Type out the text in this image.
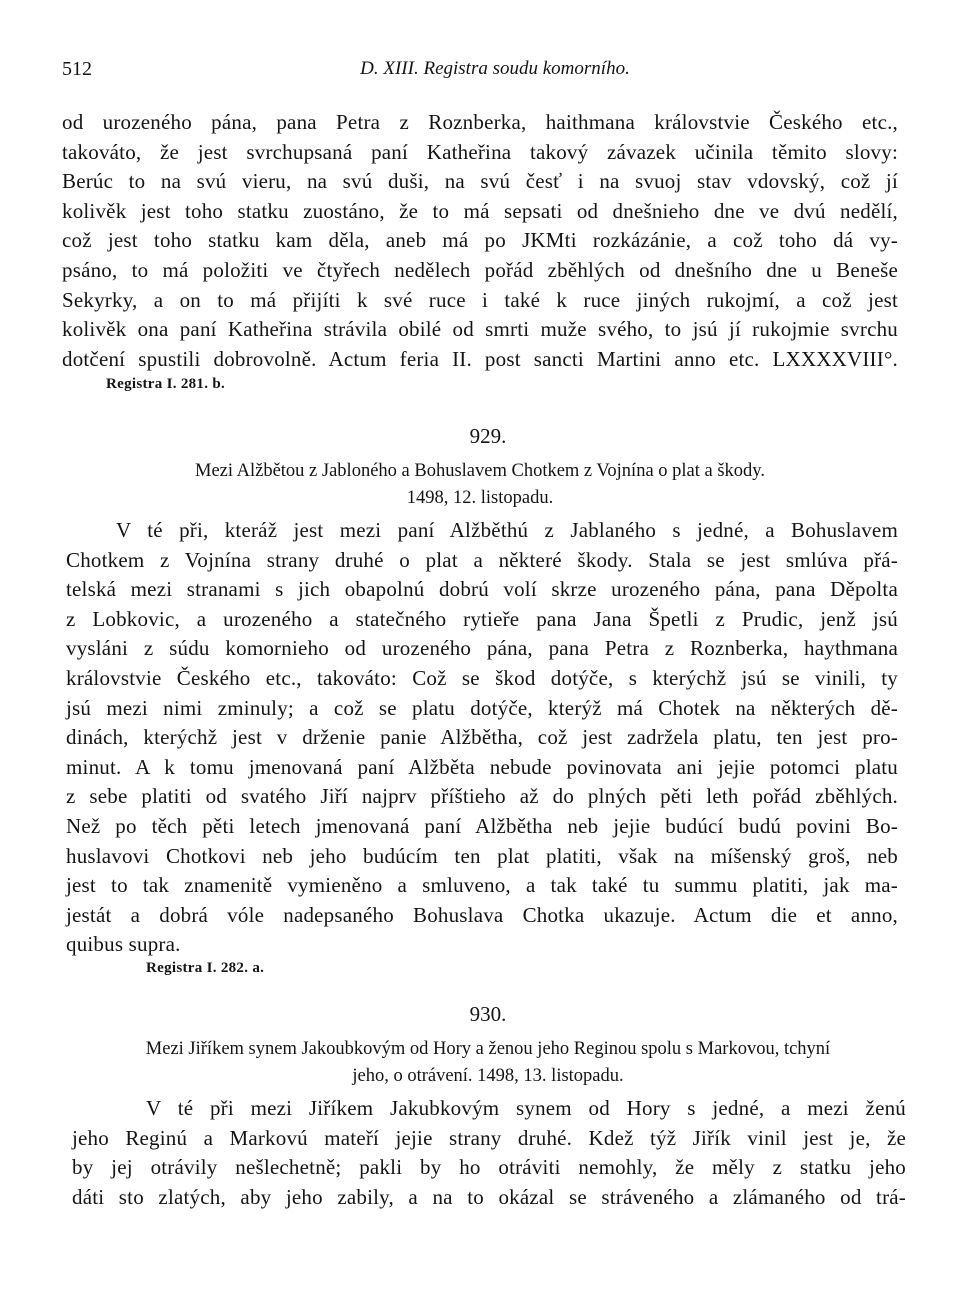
512	D. XIII. Registra soudu komorního.

od urozeného pána, pana Petra z Roznberka, haithmana královstvie Českého etc.,
takováto, že jest svrchupsaná paní Katheřina takový závazek učinila těmito slovy:
Berúc to na svú vieru, na svú duši, na svú česť i na svuoj stav vdovský, což jí
kolivěk jest toho statku zuostáno, že to má sepsati od dnešnieho dne ve dvú nedělí,
což jest toho statku kam děla, aneb má po JKMti rozkázánie, a což toho dá vy-
psáno, to má položiti ve čtyřech nedělech pořád zběhlých od dnešního dne u Beneše
Sekyrky, a on to má přijíti k své ruce i také k ruce jiných rukojmí, a což jest
kolivěk ona paní Katheřina strávila obilé od smrti muže svého, to jsú jí rukojmie svrchu
dotčení spustili dobrovolně. Actum feria II. post sancti Martini anno etc. LXXXXVIII°.

Registra I. 281. b.
929.
Mezi Alžbětou z Jabloného a Bohuslavem Chotkem z Vojnína o plat a škody.
1498, 12. listopadu.

V té při, kteráž jest mezi paní Alžběthú z Jablaného s jedné, a Bohuslavem
Chotkem z Vojnína strany druhé o plat a některé škody. Stala se jest smlúva přá-
telská mezi stranami s jich obapolnú dobrú volí skrze urozeného pána, pana Děpolta
z Lobkovic, a urozeného a statečného rytieře pana Jana Špetli z Prudic, jenž jsú
vysláni z súdu komornieho od urozeného pána, pana Petra z Roznberka, haythmana
královstvie Českého etc., takováto: Což se škod dotýče, s kterýchž jsú se vinili, ty
jsú mezi nimi zminuly; a což se platu dotýče, kterýž má Chotek na některých dě-
dinách, kterýchž jest v drženie panie Alžbětha, což jest zadržela platu, ten jest pro-
minut. A k tomu jmenovaná paní Alžběta nebude povinovata ani jejie potomci platu
z sebe platiti od svatého Jiří najprv příštieho až do plných pěti leth pořád zběhlých.
Než po těch pěti letech jmenovaná paní Alžbětha neb jejie budúcí budú povini Bo-
huslavovi Chotkovi neb jeho budúcím ten plat platiti, však na míšenský groš, neb
jest to tak znamenitě vymieněno a smluveno, a tak také tu summu platiti, jak ma-
jestát a dobrá vóle nadepsaného Bohuslava Chotka ukazuje. Actum die et anno,
quibus supra.

Registra I. 282. a.
930.
Mezi Jiříkem synem Jakoubkovým od Hory a ženou jeho Reginou spolu s Markovou, tchyní
jeho, o otrávení. 1498, 13. listopadu.

V té při mezi Jiříkem Jakubkovým synem od Hory s jedné, a mezi ženú
jeho Reginú a Markovú mateří jejie strany druhé. Kdež týž Jiřík vinil jest je, že
by jej otrávily nešlechetně; pakli by ho otráviti nemohly, že měly z statku jeho
dáti sto zlatých, aby jeho zabily, a na to okázal se strávеného a zlámaného od trá-
